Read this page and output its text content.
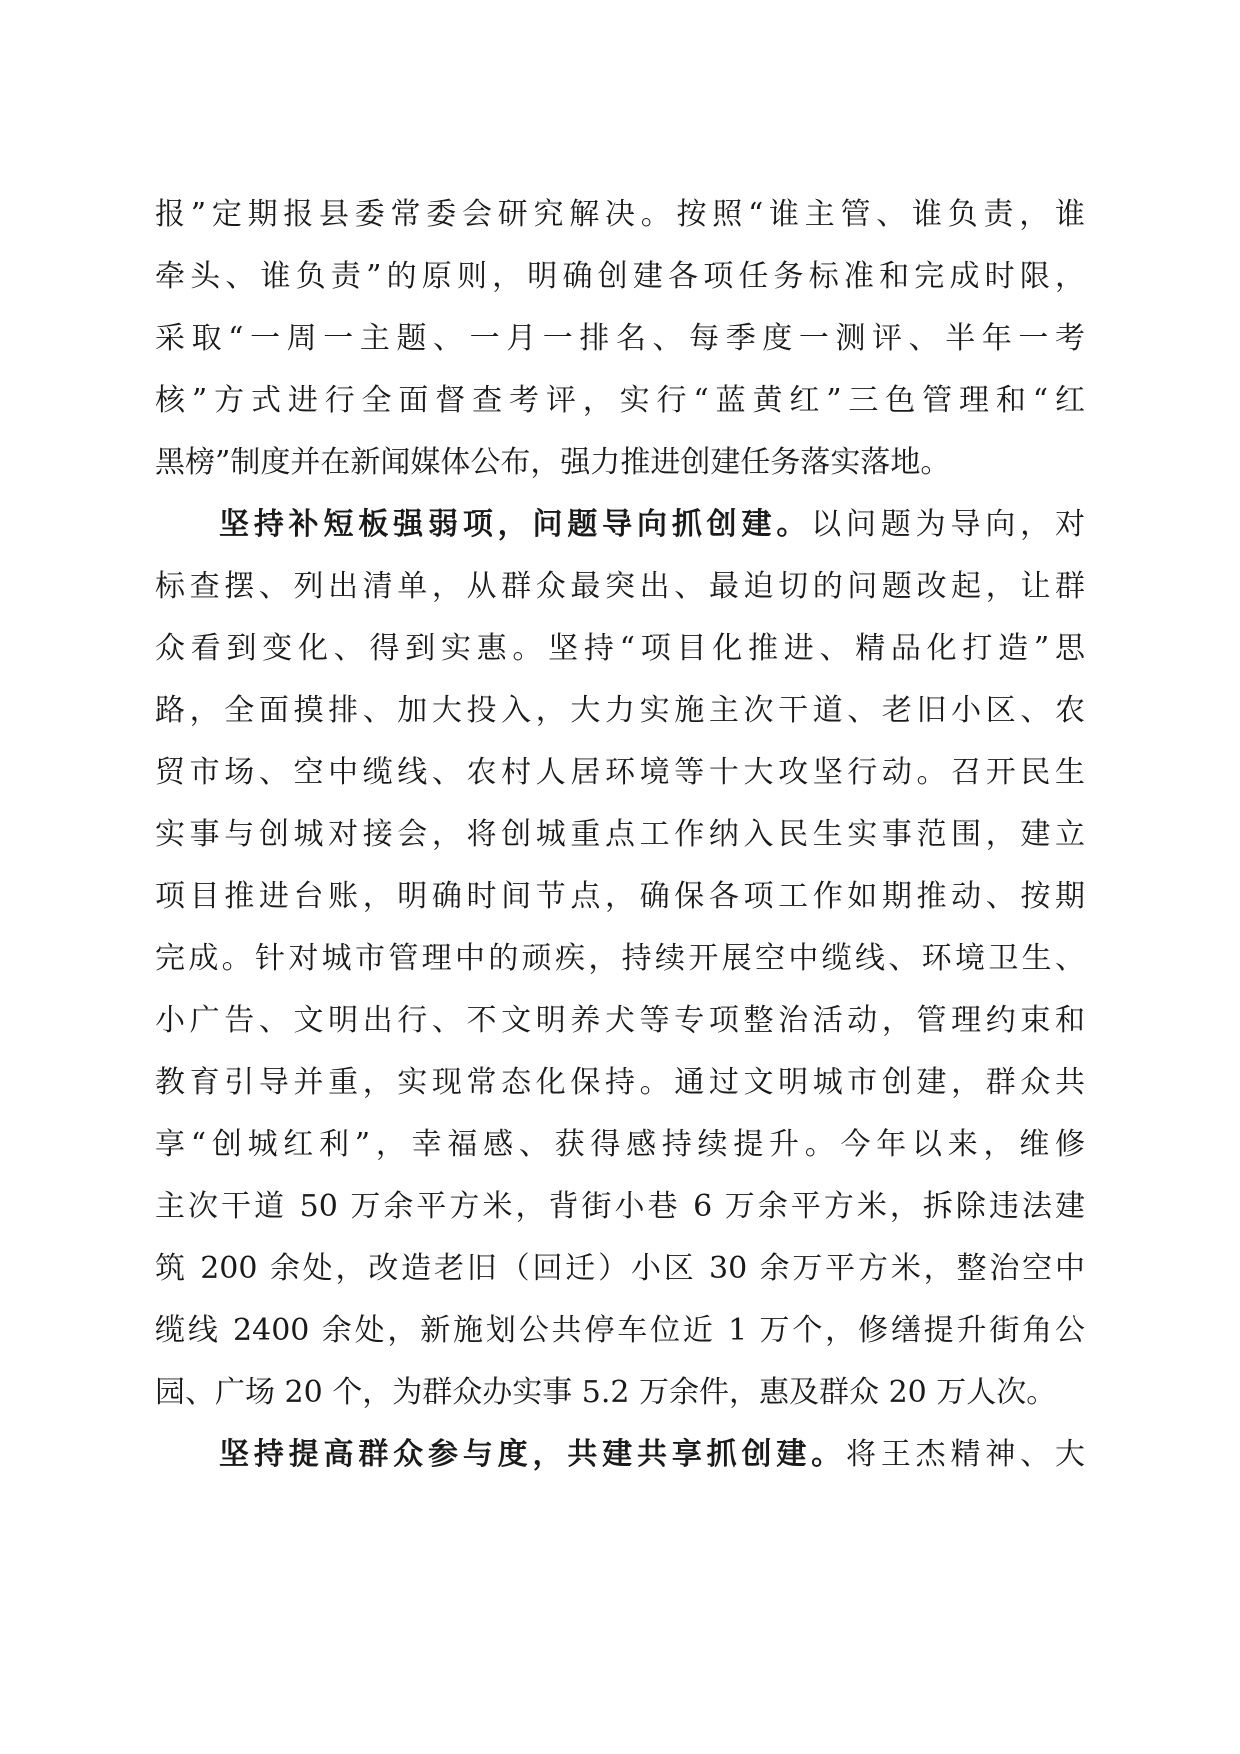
报”定期报县委常委会研究解决。按照“谁主管、谁负责，谁
牵头、谁负责”的原则，明确创建各项任务标准和完成时限，
采取“一周一主题、一月一排名、每季度一测评、半年一考
核”方式进行全面督查考评，实行“蓝黄红”三色管理和“红
黑榜”制度并在新闻媒体公布，强力推进创建任务落实落地。
坚持补短板强弱项，问题导向抓创建。以问题为导向，对
标查摆、列出清单，从群众最突出、最迫切的问题改起，让群
众看到变化、得到实惠。坚持“项目化推进、精品化打造”思
路，全面摸排、加大投入，大力实施主次干道、老旧小区、农
贸市场、空中缆线、农村人居环境等十大攻坚行动。召开民生
实事与创城对接会，将创城重点工作纳入民生实事范围，建立
项目推进台账，明确时间节点，确保各项工作如期推动、按期
完成。针对城市管理中的顽疾，持续开展空中缆线、环境卫生、
小广告、文明出行、不文明养犬等专项整治活动，管理约束和
教育引导并重，实现常态化保持。通过文明城市创建，群众共
享“创城红利”，幸福感、获得感持续提升。今年以来，维修
主次干道 50 万余平方米，背街小巷 6 万余平方米，拆除违法建
筑 200 余处，改造老旧（回迁）小区 30 余万平方米，整治空中
缆线 2400 余处，新施划公共停车位近 1 万个，修缮提升街角公
园、广场 20 个，为群众办实事 5.2 万余件，惠及群众 20 万人次。
坚持提高群众参与度，共建共享抓创建。将王杰精神、大
